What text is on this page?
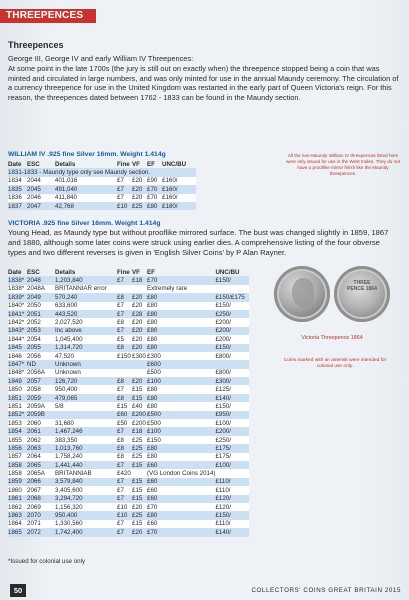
THREEPENCES
Threepences
George III, George IV and early William IV Threepences:
At some point in the late 1700s (the jury is still out on exactly when) the threepence stopped being a coin that was minted and circulated in large numbers, and was only minted for use in the annual Maundy ceremony. The circulation of a currency threepence for use in the United Kingdom was restarted in the early part of Queen Victoria's reign. For this reason, the threepences dated between 1762 - 1833 can be found in the Maundy section.
WILLIAM IV .925 fine Silver 16mm. Weight 1.414g
Date	ESC	Details	Fine	VF	EF	UNC/BU
1831-1833 - Maundy type only see Maundy section.						
1834	2044	401,016	£7	£20	£90	£160/
1835	2045	491,040	£7	£20	£70	£160/
1836	2046	411,840	£7	£20	£70	£160/
1837	2047	42,768	£10	£25	£80	£180/
All the non-Maundy William IV threepences listed here were only issued for use in the West Indies. They do not have a prooflike mirror finish like the Maundy threepences.
VICTORIA .925 fine Silver 16mm. Weight 1.414g
Young Head, as Maundy type but without prooflike mirrored surface. The bust was changed slightly in 1859, 1867 and 1880, although some later coins were struck using earlier dies. A comprehensive listing of the four obverse types and two different reverses is given in 'English Silver Coins' by P Alan Rayner.
Date	ESC	Details	Fine	VF	EF	UNC/BU
1838*	2048	1,203,840	£7	£18	£70	£150/
1838*	2048A	BRITANNIAR error			Extremely rare	
1839*	2049	570,240	£8	£20	£80	£150/£175
1840*	2050	633,600	£7	£20	£80	£150/
1841*	2051	443,520	£7	£28	£80	£250/
1842*	2052	2,027,520	£8	£20	£80	£200/
1843*	2053	Inc above	£7	£20	£80	£200/
1844*	2054	1,045,400	£5	£20	£80	£200/
1845	2055	1,314,720	£8	£20	£80	£150/
1846	2056	47,520	£150	£300	£300	£800/
1847*	ND	Unknown			£600	
1848*	2056A	Unknown			£500	£800/
1849	2057	126,720	£8	£20	£100	£300/
1850	2058	950,400	£7	£15	£80	£125/
1851	2059	479,065	£8	£15	£80	£140/
1851	2059A	5/8	£15	£40	£80	£150/
1852*	2059B		£60	£200	£500	£950/
1853	2060	31,680	£50	£200	£500	£100/
1854	2061	1,467,246	£7	£18	£100	£200/
1855	2062	383,350	£8	£25	£150	£250/
1856	2063	1,013,760	£8	£25	£80	£175/
1857	2064	1,758,240	£8	£25	£80	£175/
1858	2065	1,441,440	£7	£15	£60	£100/
1858	2065A	BRITANNIAB	£420		(VG London Coins 2014)	
1859	2066	3,579,840	£7	£15	£60	£110/
1860	2067	3,405,600	£7	£15	£60	£110/
1861	2068	3,294,720	£7	£15	£60	£120/
1862	2069	1,156,320	£10	£20	£70	£120/
1863	2070	950,400	£10	£25	£80	£150/
1864	2071	1,330,560	£7	£15	£60	£110/
1865	2072	1,742,400	£7	£20	£70	£140/
THREE PENCE 1864
Victoria Threepence 1864
Coins marked with an asterisk were intended for colonial use only.
*Issued for colonial use only
50	COLLECTORS' COINS GREAT BRITAIN 2015
